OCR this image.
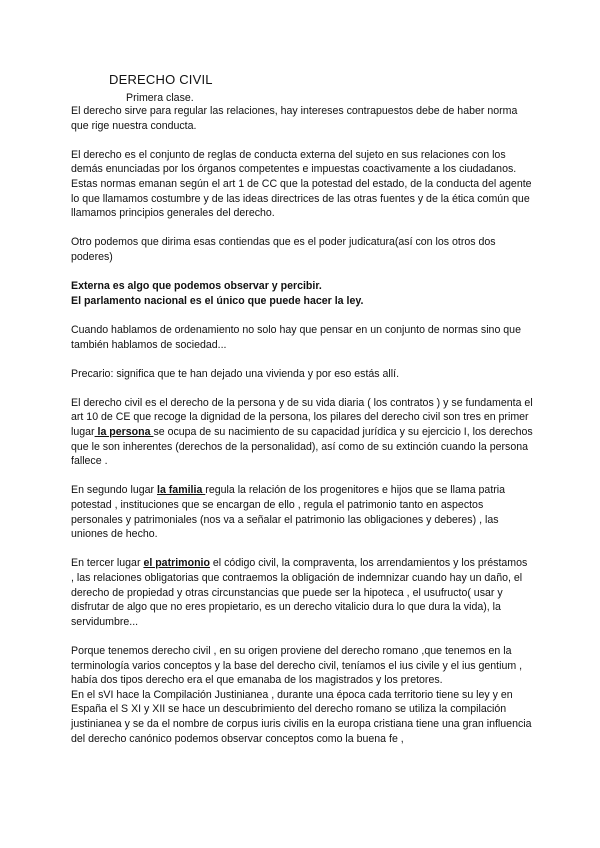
DERECHO CIVIL
Primera clase.

El derecho sirve para regular las relaciones, hay intereses contrapuestos debe de haber norma que rige nuestra conducta.

El derecho es el conjunto de reglas de conducta externa del sujeto en sus relaciones con los demás enunciadas por los órganos competentes e impuestas coactivamente a los ciudadanos.

Estas normas emanan según el art 1 de CC que la potestad del estado, de la conducta del agente lo que llamamos costumbre y de las ideas directrices de las otras fuentes y de la ética común que llamamos principios generales del derecho.

Otro podemos que dirima esas contiendas que es el poder judicatura(así con los otros dos poderes)

Externa es algo que podemos observar y percibir.

El parlamento nacional es el único que puede hacer la ley.

Cuando hablamos de ordenamiento no solo hay que pensar en un conjunto de normas sino que también hablamos de sociedad...

Precario: significa que te han dejado una vivienda y por eso estás allí.

El derecho civil es el derecho de la persona y de su vida diaria ( los contratos ) y se fundamenta el art 10 de CE que recoge la dignidad de la persona, los pilares del derecho civil son tres en primer lugar la persona se ocupa de su nacimiento de su capacidad jurídica y su ejercicio I, los derechos que le son inherentes (derechos de la personalidad), así como de su extinción cuando la persona fallece .

En segundo lugar la familia regula la relación de los progenitores e hijos que se llama patria potestad , instituciones que se encargan de ello , regula el patrimonio tanto en aspectos personales y patrimoniales (nos va a señalar el patrimonio las obligaciones y deberes) , las uniones de hecho.

En tercer lugar el patrimonio el código civil, la compraventa, los arrendamientos y los préstamos , las relaciones obligatorias que contraemos la obligación de indemnizar cuando hay un daño, el derecho de propiedad y otras circunstancias que puede ser la hipoteca , el usufructo( usar y disfrutar de algo que no eres propietario, es un derecho vitalicio dura lo que dura la vida), la servidumbre...

Porque tenemos derecho civil , en su origen proviene del derecho romano ,que tenemos en la terminología varios conceptos y la base del derecho civil, teníamos el ius civile y el ius gentium , había dos tipos derecho era el que emanaba de los magistrados y los pretores.

En el sVI hace la Compilación Justinianea , durante una época cada territorio tiene su ley y en España el S XI y XII se hace un descubrimiento del derecho romano se utiliza la compilación justinianea y se da el nombre de corpus iuris civilis en la europa cristiana tiene una gran influencia del derecho canónico podemos observar conceptos como la buena fe ,
